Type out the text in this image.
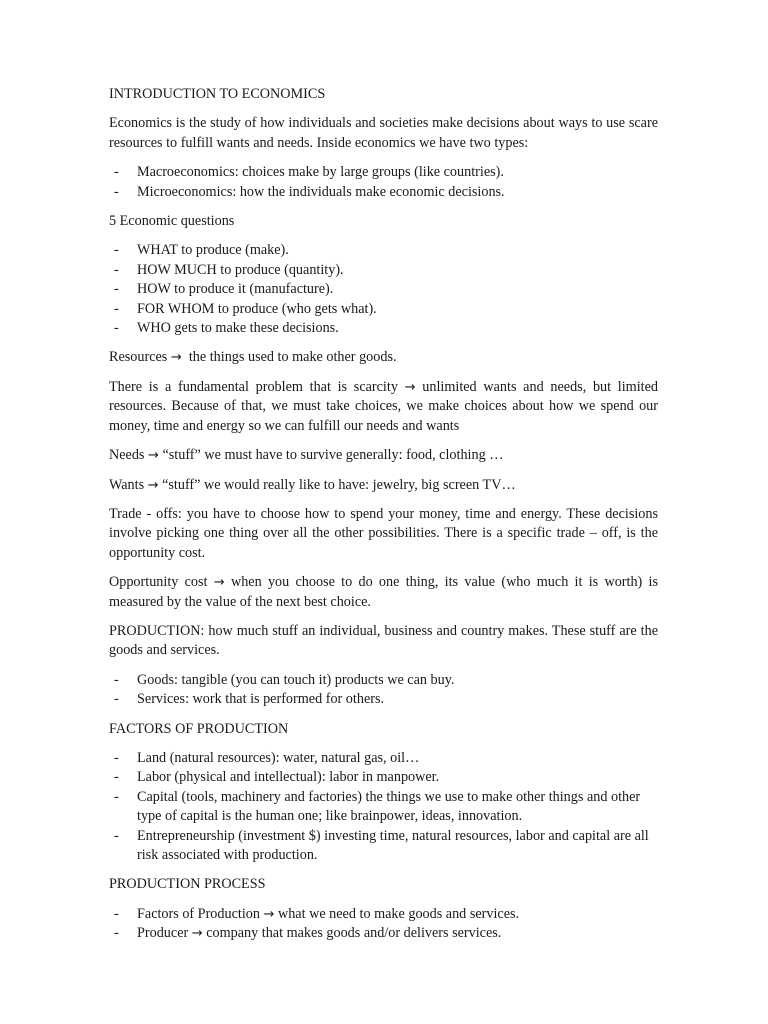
INTRODUCTION TO ECONOMICS

Economics is the study of how individuals and societies make decisions about ways to use scare resources to fulfill wants and needs. Inside economics we have two types:

- Macroeconomics: choices make by large groups (like countries).
- Microeconomics: how the individuals make economic decisions.

5 Economic questions

- WHAT to produce (make).
- HOW MUCH to produce (quantity).
- HOW to produce it (manufacture).
- FOR WHOM to produce (who gets what).
- WHO gets to make these decisions.

Resources → the things used to make other goods.

There is a fundamental problem that is scarcity → unlimited wants and needs, but limited resources. Because of that, we must take choices, we make choices about how we spend our money, time and energy so we can fulfill our needs and wants

Needs → “stuff” we must have to survive generally: food, clothing …

Wants → “stuff” we would really like to have: jewelry, big screen TV…

Trade - offs: you have to choose how to spend your money, time and energy. These decisions involve picking one thing over all the other possibilities. There is a specific trade – off, is the opportunity cost.

Opportunity cost → when you choose to do one thing, its value (who much it is worth) is measured by the value of the next best choice.

PRODUCTION: how much stuff an individual, business and country makes. These stuff are the goods and services.

- Goods: tangible (you can touch it) products we can buy.
- Services: work that is performed for others.

FACTORS OF PRODUCTION

- Land (natural resources): water, natural gas, oil…
- Labor (physical and intellectual): labor in manpower.
- Capital (tools, machinery and factories) the things we use to make other things and other type of capital is the human one; like brainpower, ideas, innovation.
- Entrepreneurship (investment $) investing time, natural resources, labor and capital are all risk associated with production.

PRODUCTION PROCESS

- Factors of Production → what we need to make goods and services.
- Producer → company that makes goods and/or delivers services.
